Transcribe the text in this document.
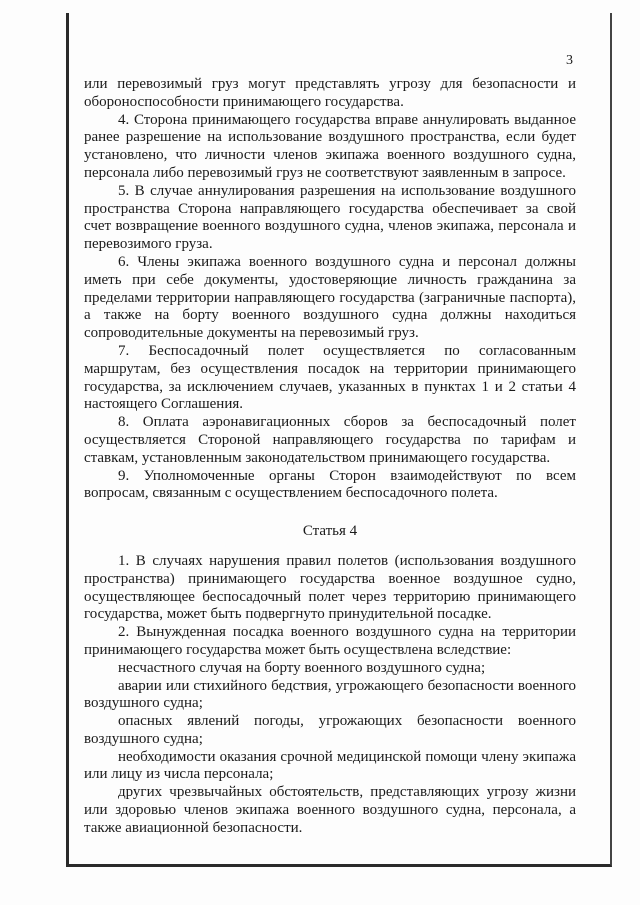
3

или перевозимый груз могут представлять угрозу для безопасности и обороноспособности принимающего государства.

4. Сторона принимающего государства вправе аннулировать выданное ранее разрешение на использование воздушного пространства, если будет установлено, что личности членов экипажа военного воздушного судна, персонала либо перевозимый груз не соответствуют заявленным в запросе.

5. В случае аннулирования разрешения на использование воздушного пространства Сторона направляющего государства обеспечивает за свой счет возвращение военного воздушного судна, членов экипажа, персонала и перевозимого груза.

6. Члены экипажа военного воздушного судна и персонал должны иметь при себе документы, удостоверяющие личность гражданина за пределами территории направляющего государства (заграничные паспорта), а также на борту военного воздушного судна должны находиться сопроводительные документы на перевозимый груз.

7. Беспосадочный полет осуществляется по согласованным маршрутам, без осуществления посадок на территории принимающего государства, за исключением случаев, указанных в пунктах 1 и 2 статьи 4 настоящего Соглашения.

8. Оплата аэронавигационных сборов за беспосадочный полет осуществляется Стороной направляющего государства по тарифам и ставкам, установленным законодательством принимающего государства.

9. Уполномоченные органы Сторон взаимодействуют по всем вопросам, связанным с осуществлением беспосадочного полета.

Статья 4

1. В случаях нарушения правил полетов (использования воздушного пространства) принимающего государства военное воздушное судно, осуществляющее беспосадочный полет через территорию принимающего государства, может быть подвергнуто принудительной посадке.

2. Вынужденная посадка военного воздушного судна на территории принимающего государства может быть осуществлена вследствие:

несчастного случая на борту военного воздушного судна;

аварии или стихийного бедствия, угрожающего безопасности военного воздушного судна;

опасных явлений погоды, угрожающих безопасности военного воздушного судна;

необходимости оказания срочной медицинской помощи члену экипажа или лицу из числа персонала;

других чрезвычайных обстоятельств, представляющих угрозу жизни или здоровью членов экипажа военного воздушного судна, персонала, а также авиационной безопасности.
